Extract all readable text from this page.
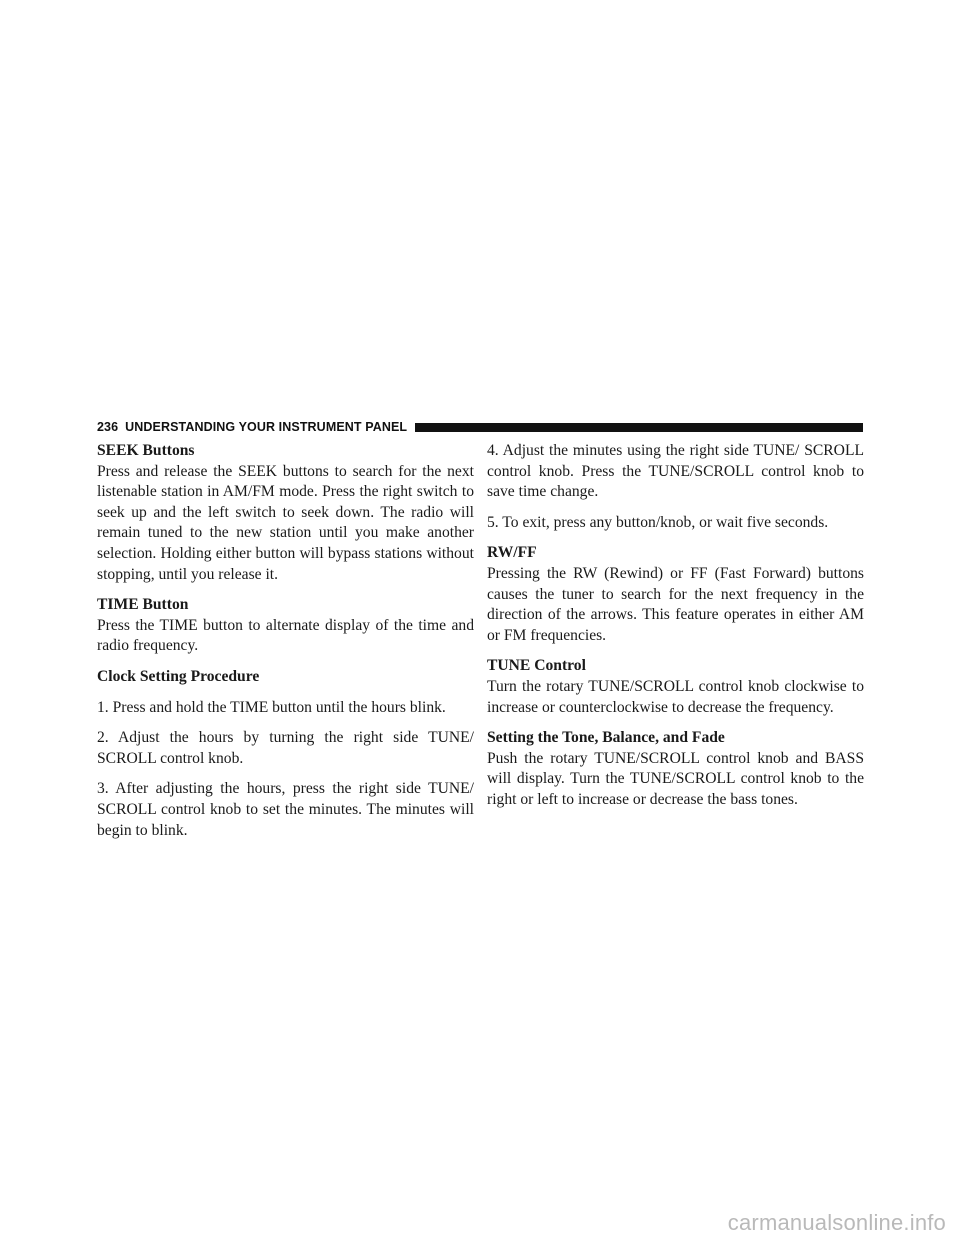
236 UNDERSTANDING YOUR INSTRUMENT PANEL
SEEK Buttons

Press and release the SEEK buttons to search for the next listenable station in AM/FM mode. Press the right switch to seek up and the left switch to seek down. The radio will remain tuned to the new station until you make another selection. Holding either button will bypass stations without stopping, until you release it.

TIME Button

Press the TIME button to alternate display of the time and radio frequency.

Clock Setting Procedure

1. Press and hold the TIME button until the hours blink.

2. Adjust the hours by turning the right side TUNE/ SCROLL control knob.

3. After adjusting the hours, press the right side TUNE/ SCROLL control knob to set the minutes. The minutes will begin to blink.

4. Adjust the minutes using the right side TUNE/ SCROLL control knob. Press the TUNE/SCROLL control knob to save time change.

5. To exit, press any button/knob, or wait five seconds.

RW/FF

Pressing the RW (Rewind) or FF (Fast Forward) buttons causes the tuner to search for the next frequency in the direction of the arrows. This feature operates in either AM or FM frequencies.

TUNE Control

Turn the rotary TUNE/SCROLL control knob clockwise to increase or counterclockwise to decrease the frequency.

Setting the Tone, Balance, and Fade

Push the rotary TUNE/SCROLL control knob and BASS will display. Turn the TUNE/SCROLL control knob to the right or left to increase or decrease the bass tones.

carmanualsonline.info
